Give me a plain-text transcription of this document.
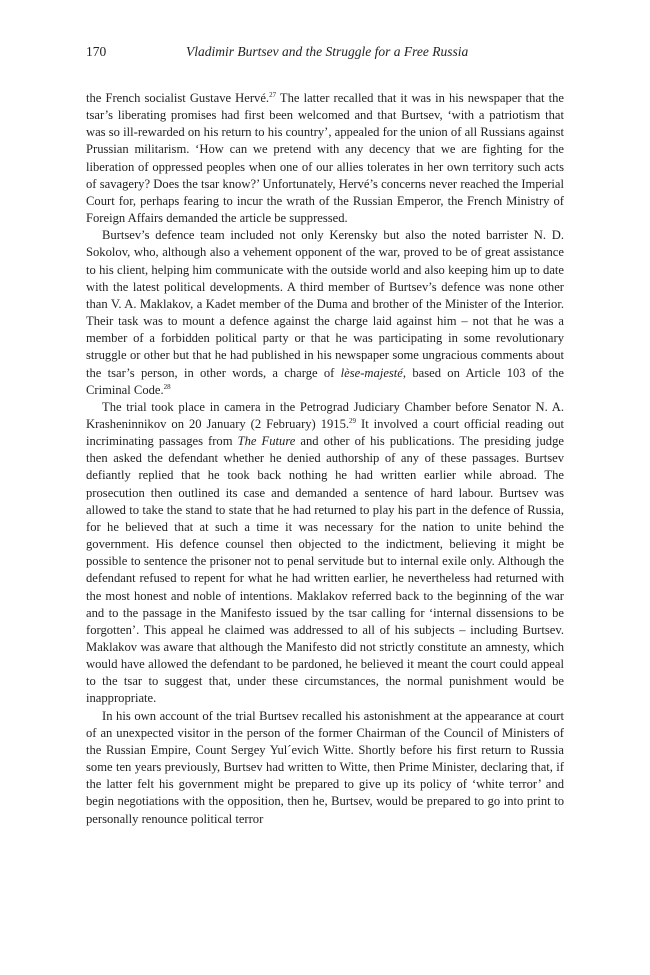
170	Vladimir Burtsev and the Struggle for a Free Russia

the French socialist Gustave Hervé.$^{27}$ The latter recalled that it was in his newspaper that the tsar’s liberating promises had first been welcomed and that Burtsev, ‘with a patriotism that was so ill-rewarded on his return to his country’, appealed for the union of all Russians against Prussian militarism. ‘How can we pretend with any decency that we are fighting for the liberation of oppressed peoples when one of our allies tolerates in her own territory such acts of savagery? Does the tsar know?’ Unfortunately, Hervé’s concerns never reached the Imperial Court for, perhaps fearing to incur the wrath of the Russian Emperor, the French Ministry of Foreign Affairs demanded the article be suppressed.

Burtsev’s defence team included not only Kerensky but also the noted barrister N. D. Sokolov, who, although also a vehement opponent of the war, proved to be of great assistance to his client, helping him communicate with the outside world and also keeping him up to date with the latest political developments. A third member of Burtsev’s defence was none other than V. A. Maklakov, a Kadet member of the Duma and brother of the Minister of the Interior. Their task was to mount a defence against the charge laid against him – not that he was a member of a forbidden political party or that he was participating in some revolutionary struggle or other but that he had published in his newspaper some ungracious comments about the tsar’s person, in other words, a charge of lèse-majesté, based on Article 103 of the Criminal Code.$^{28}$

The trial took place in camera in the Petrograd Judiciary Chamber before Senator N. A. Krasheninnikov on 20 January (2 February) 1915.29 It involved a court official reading out incriminating passages from The Future and other of his publications. The presiding judge then asked the defendant whether he denied authorship of any of these passages. Burtsev defiantly replied that he took back nothing he had written earlier while abroad. The prosecution then outlined its case and demanded a sentence of hard labour. Burtsev was allowed to take the stand to state that he had returned to play his part in the defence of Russia, for he believed that at such a time it was necessary for the nation to unite behind the government. His defence counsel then objected to the indictment, believing it might be possible to sentence the prisoner not to penal servitude but to internal exile only. Although the defendant refused to repent for what he had written earlier, he nevertheless had returned with the most honest and noble of intentions. Maklakov referred back to the beginning of the war and to the passage in the Manifesto issued by the tsar calling for ‘internal dissensions to be forgotten’. This appeal he claimed was addressed to all of his subjects – including Burtsev. Maklakov was aware that although the Manifesto did not strictly constitute an amnesty, which would have allowed the defendant to be pardoned, he believed it meant the court could appeal to the tsar to suggest that, under these circumstances, the normal punishment would be inappropriate.

In his own account of the trial Burtsev recalled his astonishment at the appearance at court of an unexpected visitor in the person of the former Chairman of the Council of Ministers of the Russian Empire, Count Sergey Yul´evich Witte. Shortly before his first return to Russia some ten years previously, Burtsev had written to Witte, then Prime Minister, declaring that, if the latter felt his government might be prepared to give up its policy of ‘white terror’ and begin negotiations with the opposition, then he, Burtsev, would be prepared to go into print to personally renounce political terror
